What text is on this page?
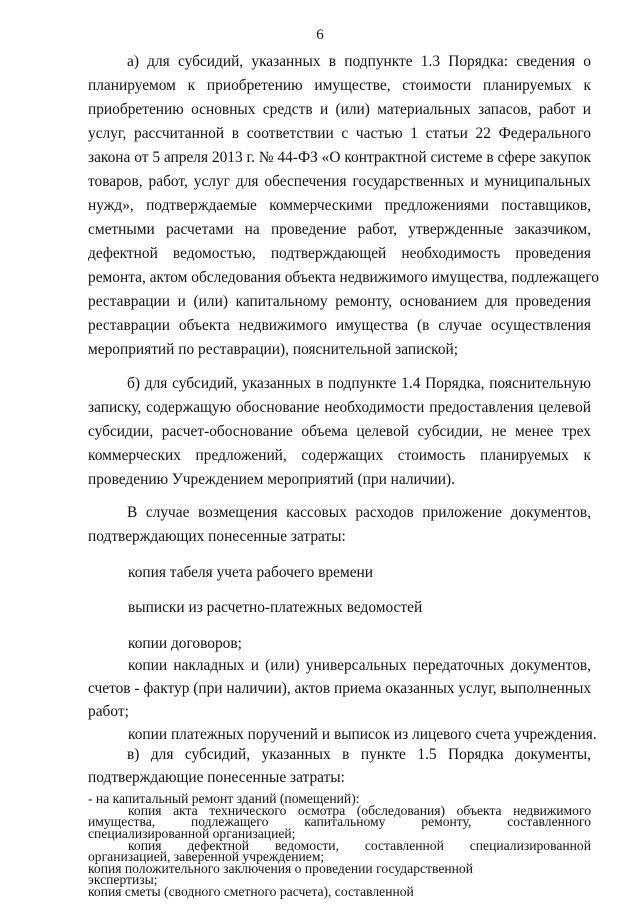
6
а) для субсидий, указанных в подпункте 1.3 Порядка: сведения о
планируемом к приобретению имуществе, стоимости планируемых к
приобретению основных средств и (или) материальных запасов, работ и
услуг, рассчитанной в соответствии с частью 1 статьи 22 Федерального
закона от 5 апреля 2013 г. № 44-ФЗ «О контрактной системе в сфере закупок
товаров, работ, услуг для обеспечения государственных и муниципальных
нужд», подтверждаемые коммерческими предложениями поставщиков,
сметными расчетами на проведение работ, утвержденные заказчиком,
дефектной ведомостью, подтверждающей необходимость проведения
ремонта, актом обследования объекта недвижимого имущества, подлежащего
реставрации и (или) капитальному ремонту, основанием для проведения
реставрации объекта недвижимого имущества (в случае осуществления
мероприятий по реставрации), пояснительной запиской;
б) для субсидий, указанных в подпункте 1.4 Порядка, пояснительную
записку, содержащую обоснование необходимости предоставления целевой
субсидии, расчет-обоснование объема целевой субсидии, не менее трех
коммерческих предложений, содержащих стоимость планируемых к
проведению Учреждением мероприятий (при наличии).
В случае возмещения кассовых расходов приложение документов,
подтверждающих понесенные затраты:
копия табеля учета рабочего времени
выписки из расчетно-платежных ведомостей
копии договоров;
копии накладных и (или) универсальных передаточных документов,
счетов - фактур (при наличии), актов приема оказанных услуг, выполненных
работ;
копии платежных поручений и выписок из лицевого счета учреждения.
в) для субсидий, указанных в пункте 1.5 Порядка документы,
подтверждающие понесенные затраты:
- на капитальный ремонт зданий (помещений):
копия акта технического осмотра (обследования) объекта недвижимого
имущества, подлежащего капитальному ремонту, составленного
специализированной организацией;
копия дефектной ведомости, составленной специализированной
организацией, заверенной учреждением;
копия положительного заключения о проведении государственной
экспертизы;
копия сметы (сводного сметного расчета), составленной
